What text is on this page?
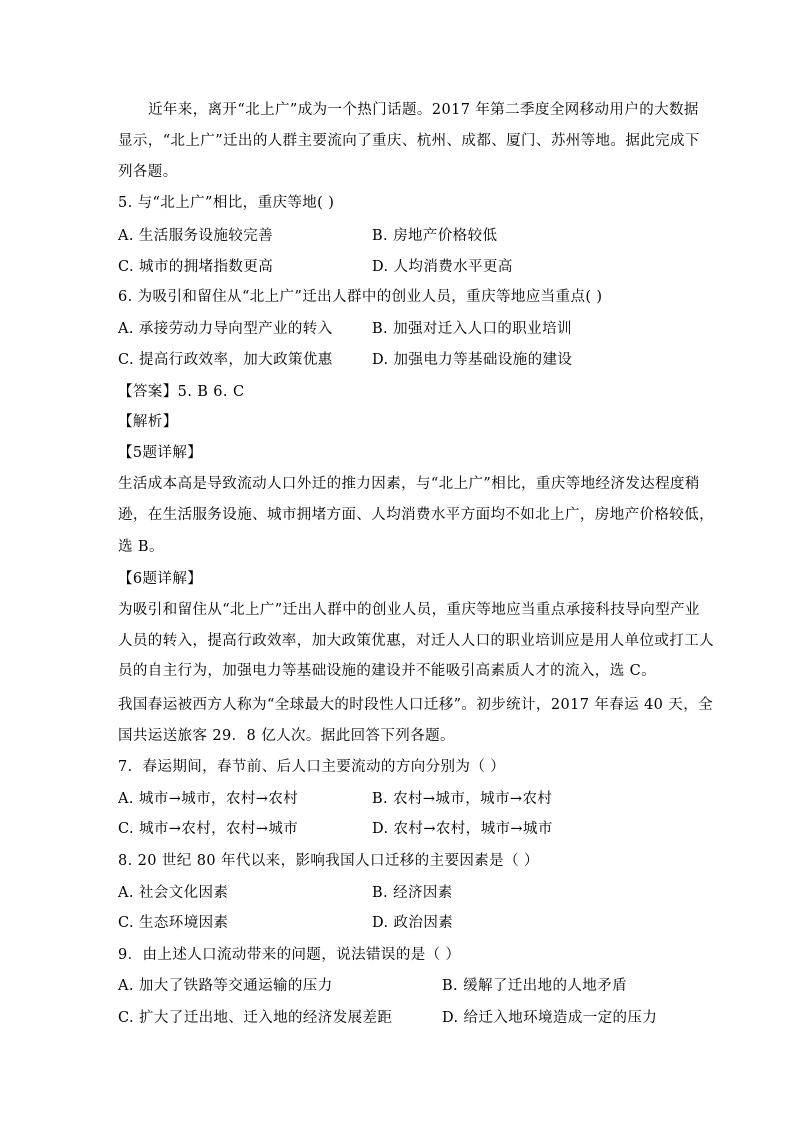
近年来，离开“北上广”成为一个热门话题。2017 年第二季度全网移动用户的大数据
显示，“北上广”迁出的人群主要流向了重庆、杭州、成都、厦门、苏州等地。据此完成下
列各题。
5. 与“北上广”相比，重庆等地( )
A. 生活服务设施较完善	B. 房地产价格较低
C. 城市的拥堵指数更高	D. 人均消费水平更高
6. 为吸引和留住从“北上广”迁出人群中的创业人员，重庆等地应当重点( )
A. 承接劳动力导向型产业的转入	B. 加强对迁入人口的职业培训
C. 提高行政效率，加大政策优惠	D. 加强电力等基础设施的建设
【答案】5. B 6. C
【解析】
【5题详解】
生活成本高是导致流动人口外迁的推力因素，与“北上广”相比，重庆等地经济发达程度稍
逊，在生活服务设施、城市拥堵方面、人均消费水平方面均不如北上广，房地产价格较低，
选 B。
【6题详解】
为吸引和留住从“北上广”迁出人群中的创业人员，重庆等地应当重点承接科技导向型产业
人员的转入，提高行政效率，加大政策优惠，对迁人人口的职业培训应是用人单位或打工人
员的自主行为，加强电力等基础设施的建设并不能吸引高素质人才的流入，选 C。
我国春运被西方人称为“全球最大的时段性人口迁移”。初步统计，2017 年春运 40 天，全
国共运送旅客 29．8 亿人次。据此回答下列各题。
7．春运期间，春节前、后人口主要流动的方向分别为（ ）
A. 城市→城市，农村→农村	B. 农村→城市，城市→农村
C. 城市→农村，农村→城市	D. 农村→农村，城市→城市
8. 20 世纪 80 年代以来，影响我国人口迁移的主要因素是（ ）
A. 社会文化因素	B. 经济因素
C. 生态环境因素	D. 政治因素
9．由上述人口流动带来的问题，说法错误的是（ ）
A. 加大了铁路等交通运输的压力	B. 缓解了迁出地的人地矛盾
C. 扩大了迁出地、迁入地的经济发展差距	D. 给迁入地环境造成一定的压力
